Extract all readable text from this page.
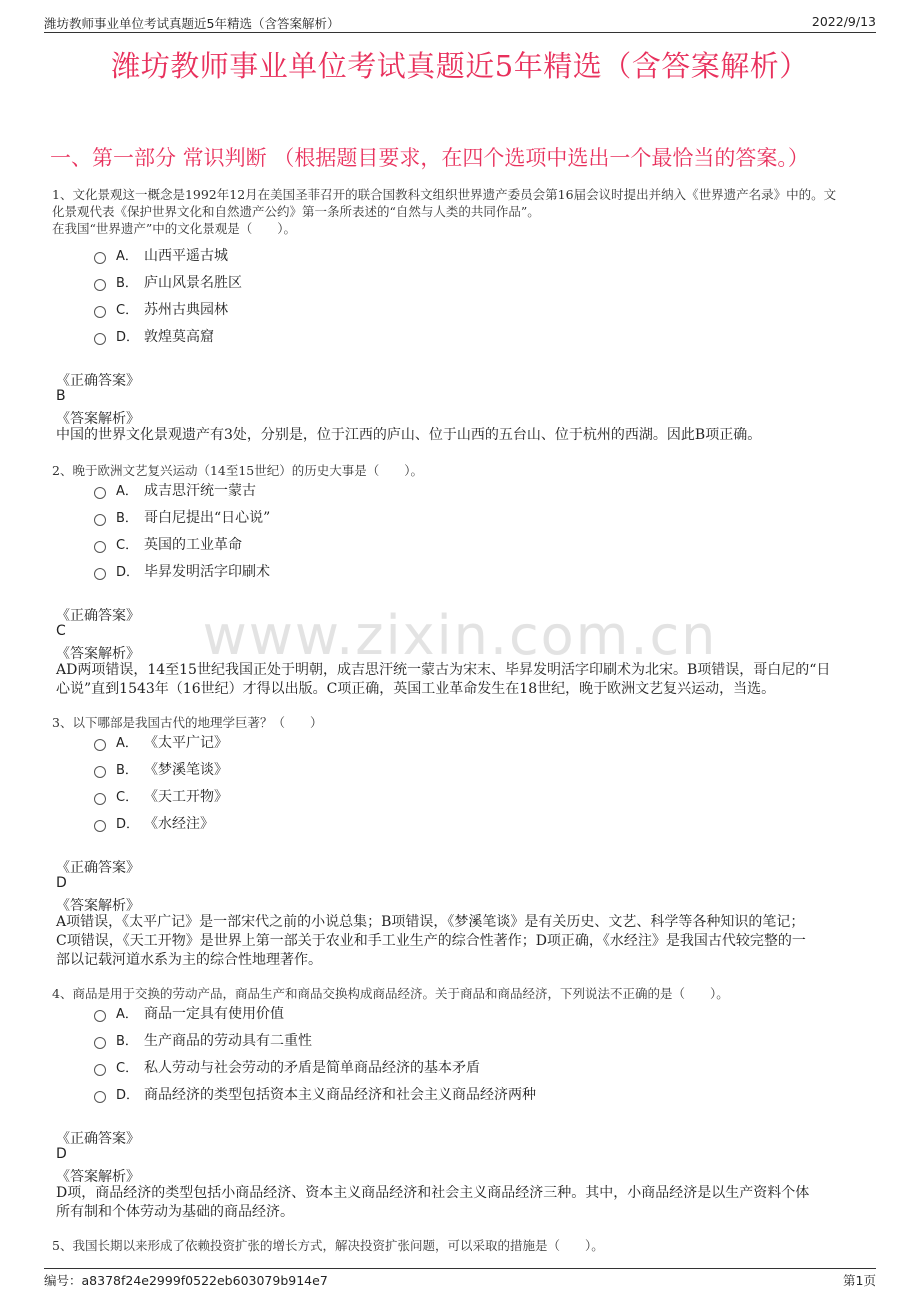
潍坊教师事业单位考试真题近5年精选（含答案解析）	2022/9/13
潍坊教师事业单位考试真题近5年精选（含答案解析）
一、第一部分 常识判断 （根据题目要求，在四个选项中选出一个最恰当的答案。）
www.zixin.com.cn
1、文化景观这一概念是1992年12月在美国圣菲召开的联合国教科文组织世界遗产委员会第16届会议时提出并纳入《世界遗产名录》中的。文
化景观代表《保护世界文化和自然遗产公约》第一条所表述的“自然与人类的共同作品”。
在我国“世界遗产”中的文化景观是（　　）。
A． 山西平遥古城
B． 庐山风景名胜区
C． 苏州古典园林
D． 敦煌莫高窟
《正确答案》
B
《答案解析》
中国的世界文化景观遗产有3处，分别是，位于江西的庐山、位于山西的五台山、位于杭州的西湖。因此B项正确。
2、晚于欧洲文艺复兴运动（14至15世纪）的历史大事是（　　）。
A． 成吉思汗统一蒙古
B． 哥白尼提出“日心说”
C． 英国的工业革命
D． 毕昇发明活字印刷术
《正确答案》
C
《答案解析》
AD两项错误，14至15世纪我国正处于明朝，成吉思汗统一蒙古为宋末、毕昇发明活字印刷术为北宋。B项错误，哥白尼的“日
心说”直到1543年（16世纪）才得以出版。C项正确，英国工业革命发生在18世纪，晚于欧洲文艺复兴运动，当选。
3、以下哪部是我国古代的地理学巨著？（　　）
A． 《太平广记》
B． 《梦溪笔谈》
C． 《天工开物》
D． 《水经注》
《正确答案》
D
《答案解析》
A项错误，《太平广记》是一部宋代之前的小说总集；B项错误，《梦溪笔谈》是有关历史、文艺、科学等各种知识的笔记；
C项错误，《天工开物》是世界上第一部关于农业和手工业生产的综合性著作；D项正确，《水经注》是我国古代较完整的一
部以记载河道水系为主的综合性地理著作。
4、商品是用于交换的劳动产品，商品生产和商品交换构成商品经济。关于商品和商品经济，下列说法不正确的是（　　）。
A． 商品一定具有使用价值
B． 生产商品的劳动具有二重性
C． 私人劳动与社会劳动的矛盾是简单商品经济的基本矛盾
D． 商品经济的类型包括资本主义商品经济和社会主义商品经济两种
《正确答案》
D
《答案解析》
D项，商品经济的类型包括小商品经济、资本主义商品经济和社会主义商品经济三种。其中，小商品经济是以生产资料个体
所有制和个体劳动为基础的商品经济。
5、我国长期以来形成了依赖投资扩张的增长方式，解决投资扩张问题，可以采取的措施是（　　）。
编号：a8378f24e2999f0522eb603079b914e7	第1页
